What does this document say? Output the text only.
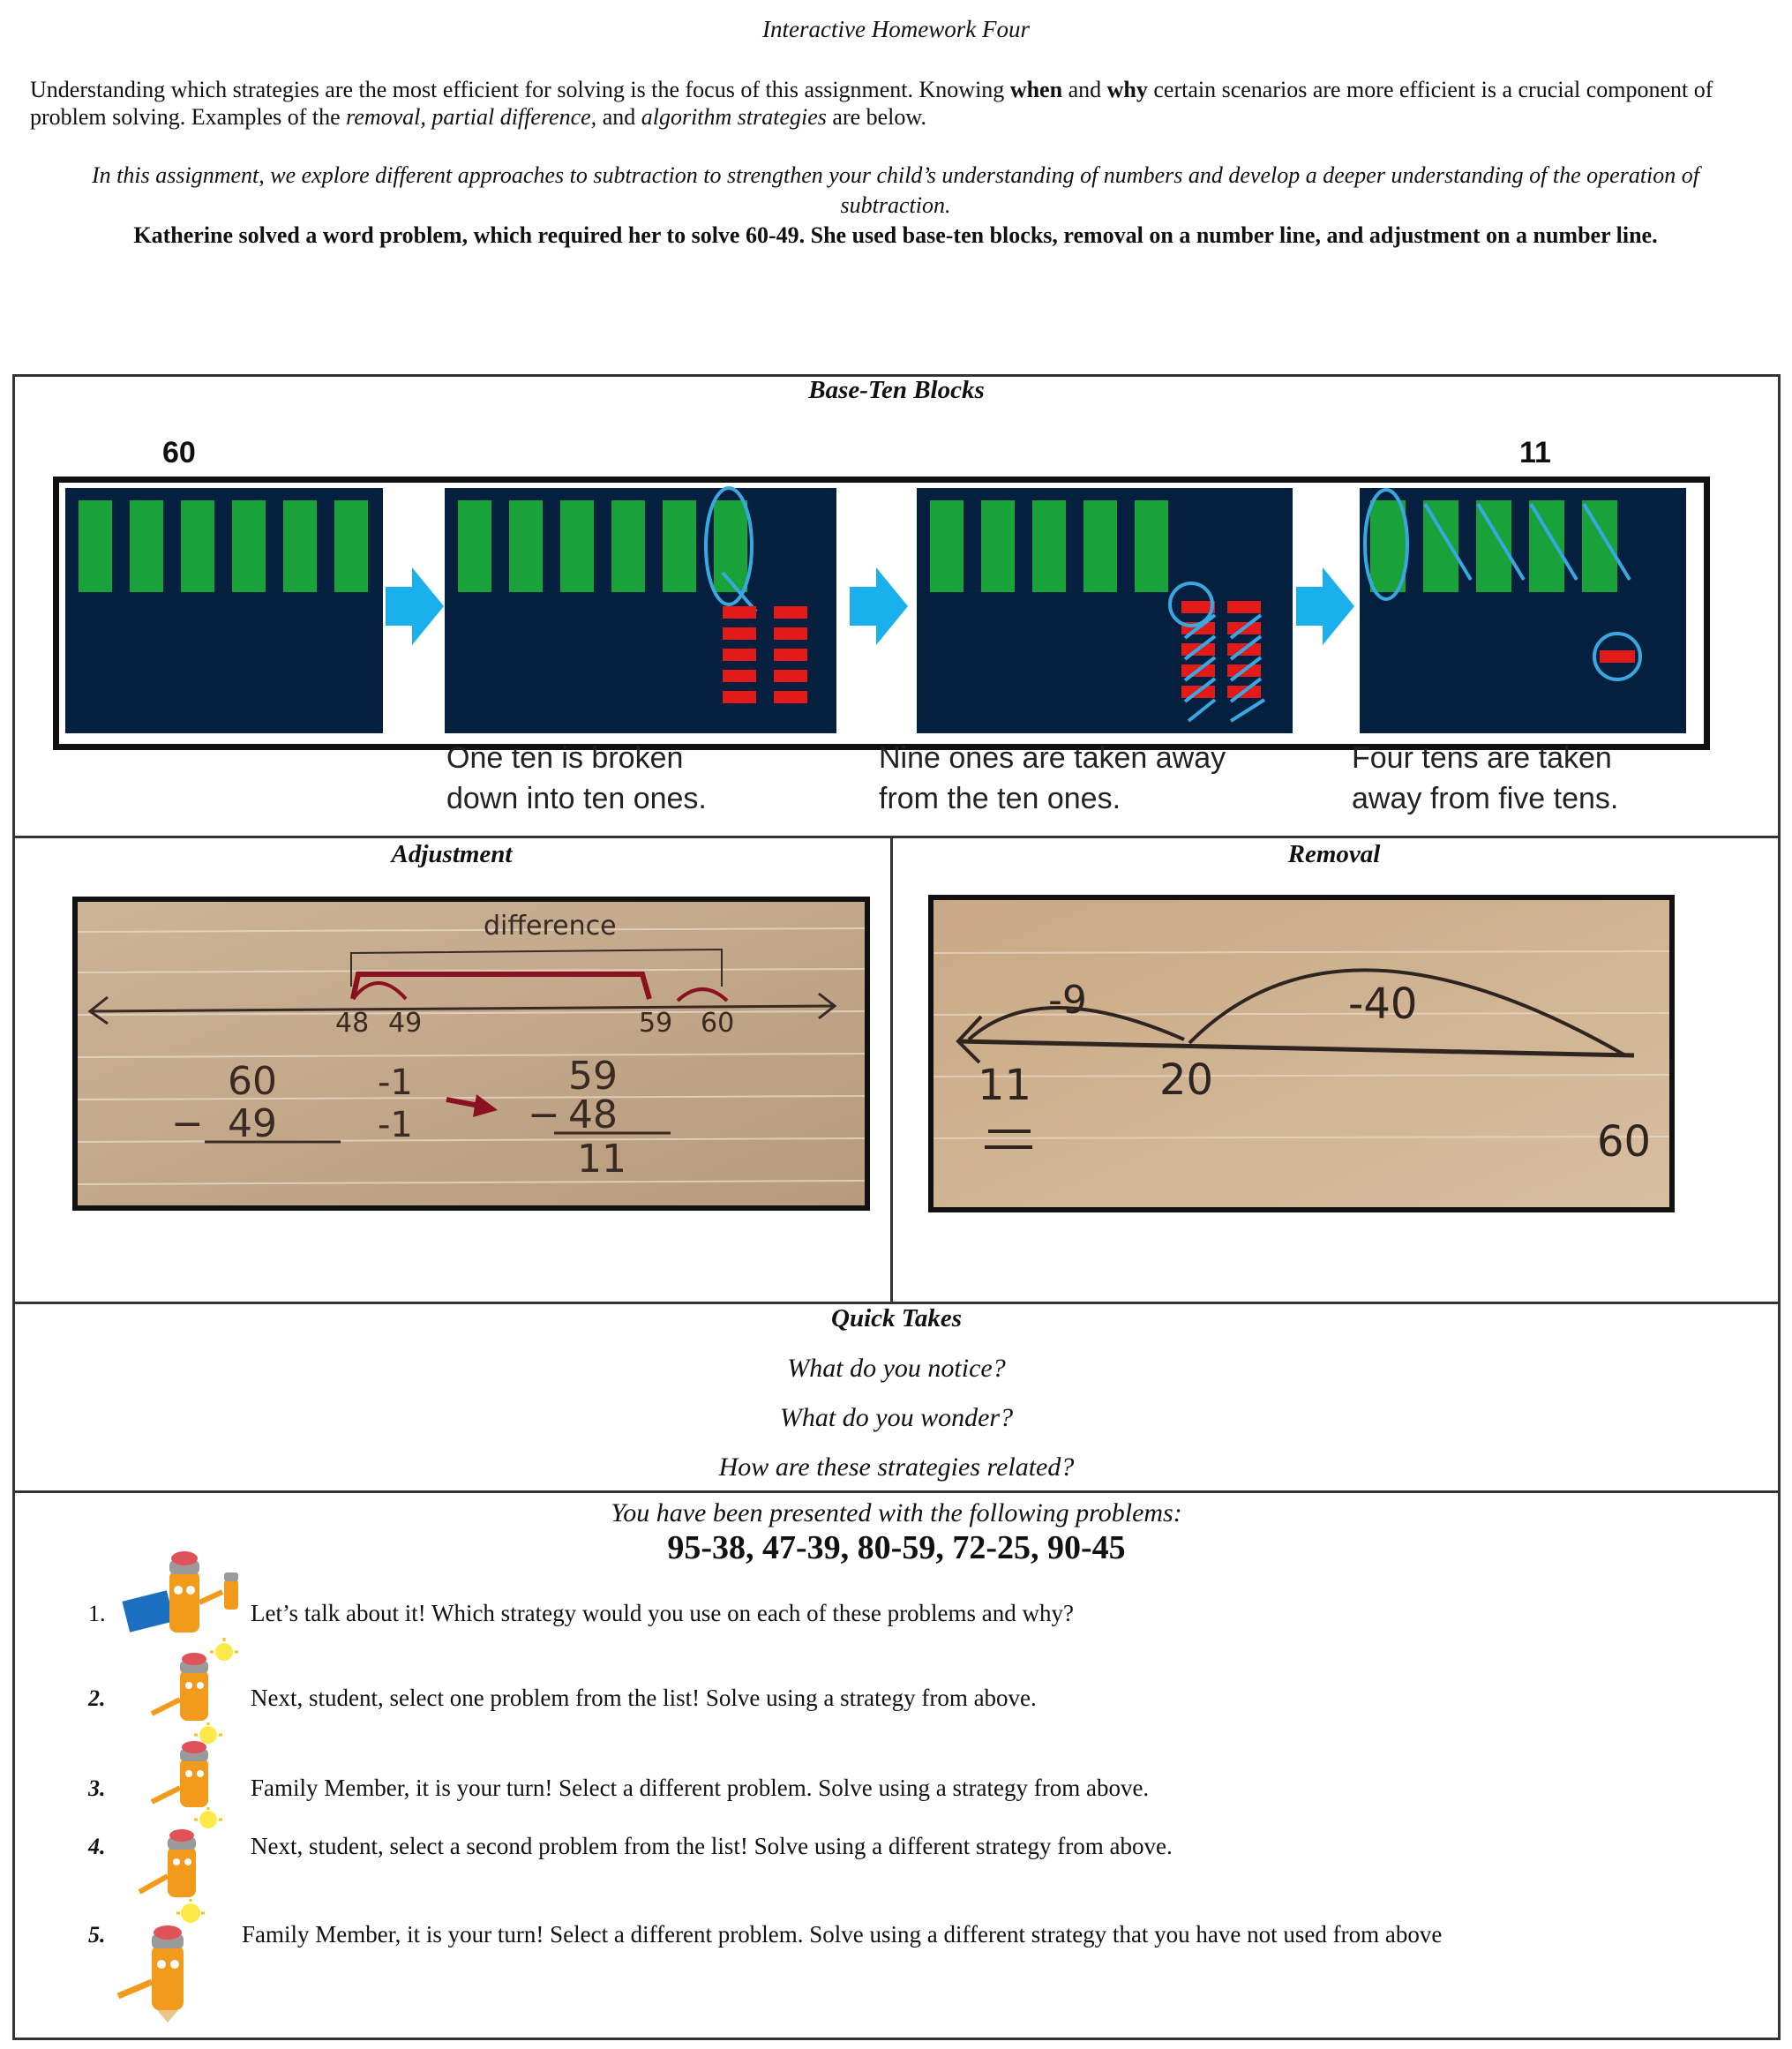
Interactive Homework Four
Understanding which strategies are the most efficient for solving is the focus of this assignment. Knowing when and why certain scenarios are more efficient is a crucial component of problem solving. Examples of the removal, partial difference, and algorithm strategies are below.
In this assignment, we explore different approaches to subtraction to strengthen your child’s understanding of numbers and develop a deeper understanding of the operation of subtraction.
Katherine solved a word problem, which required her to solve 60-49. She used base-ten blocks, removal on a number line, and adjustment on a number line.
Base-Ten Blocks
60	11
One ten is broken down into ten ones.
Nine ones are taken away from the ten ones.
Four tens are taken away from five tens.
Adjustment
difference
48 49	59 60
60
− 49
-1
-1
59
− 48
11
Removal
-9	-40
11	20
60
Quick Takes
What do you notice?
What do you wonder?
How are these strategies related?
You have been presented with the following problems:
95-38, 47-39, 80-59, 72-25, 90-45
1.	Let’s talk about it! Which strategy would you use on each of these problems and why?
2.	Next, student, select one problem from the list! Solve using a strategy from above.
3.	Family Member, it is your turn! Select a different problem. Solve using a strategy from above.
4.	Next, student, select a second problem from the list! Solve using a different strategy from above.
5.	Family Member, it is your turn! Select a different problem. Solve using a different strategy that you have not used from above
